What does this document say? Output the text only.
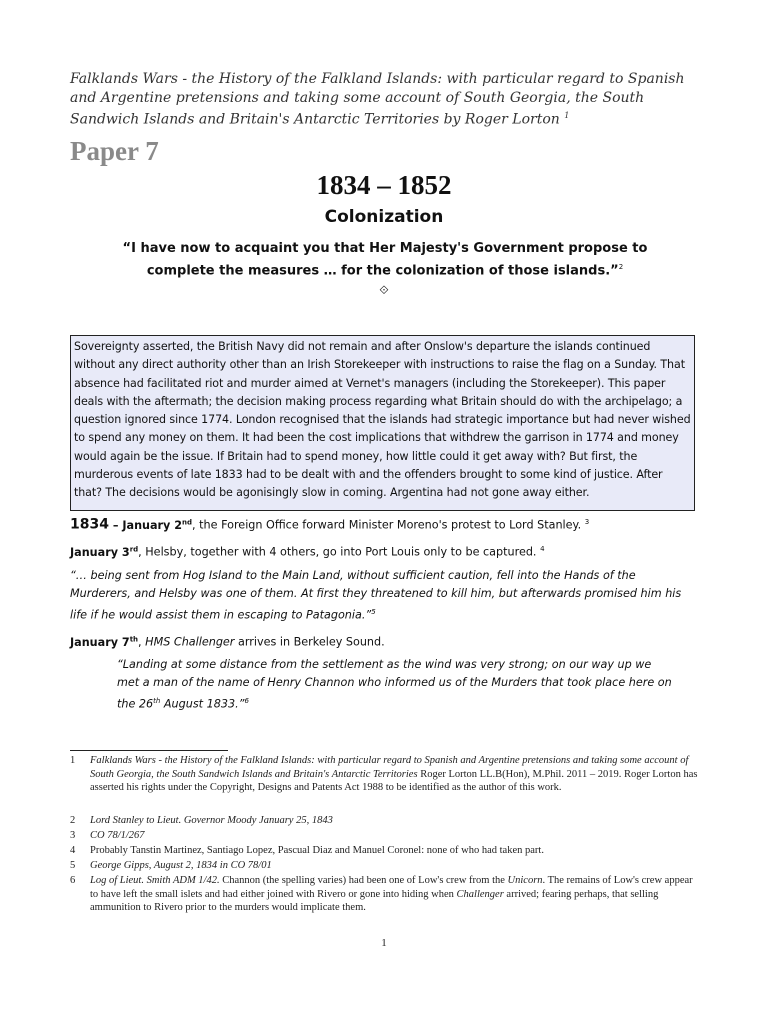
Falklands Wars - the History of the Falkland Islands: with particular regard to Spanish and Argentine pretensions and taking some account of South Georgia, the South Sandwich Islands and Britain's Antarctic Territories by Roger Lorton $^1$
Paper 7
1834 – 1852
Colonization
“I have now to acquaint you that Her Majesty's Government propose to complete the measures … for the colonization of those islands.”$^2$
⟐
Sovereignty asserted, the British Navy did not remain and after Onslow's departure the islands continued without any direct authority other than an Irish Storekeeper with instructions to raise the flag on a Sunday. That absence had facilitated riot and murder aimed at Vernet's managers (including the Storekeeper). This paper deals with the aftermath; the decision making process regarding what Britain should do with the archipelago; a question ignored since 1774. London recognised that the islands had strategic importance but had never wished to spend any money on them. It had been the cost implications that withdrew the garrison in 1774 and money would again be the issue. If Britain had to spend money, how little could it get away with? But first, the murderous events of late 1833 had to be dealt with and the offenders brought to some kind of justice. After that? The decisions would be agonisingly slow in coming. Argentina had not gone away either.
1834 – January 2nd, the Foreign Office forward Minister Moreno's protest to Lord Stanley. $^3$
January 3rd, Helsby, together with 4 others, go into Port Louis only to be captured. $^4$
“… being sent from Hog Island to the Main Land, without sufficient caution, fell into the Hands of the Murderers, and Helsby was one of them. At first they threatened to kill him, but afterwards promised him his life if he would assist them in escaping to Patagonia.”$^5$
January 7th, HMS Challenger arrives in Berkeley Sound.
“Landing at some distance from the settlement as the wind was very strong; on our way up we met a man of the name of Henry Channon who informed us of the Murders that took place here on the 26th August 1833.”$^6$
1	Falklands Wars - the History of the Falkland Islands: with particular regard to Spanish and Argentine pretensions and taking some account of South Georgia, the South Sandwich Islands and Britain's Antarctic Territories Roger Lorton LL.B(Hon), M.Phil. 2011 – 2019. Roger Lorton has asserted his rights under the Copyright, Designs and Patents Act 1988 to be identified as the author of this work.
2	Lord Stanley to Lieut. Governor Moody January 25, 1843
3	CO 78/1/267
4	Probably Tanstin Martinez, Santiago Lopez, Pascual Diaz and Manuel Coronel: none of who had taken part.
5	George Gipps, August 2, 1834 in CO 78/01
6	Log of Lieut. Smith ADM 1/42. Channon (the spelling varies) had been one of Low's crew from the Unicorn. The remains of Low's crew appear to have left the small islets and had either joined with Rivero or gone into hiding when Challenger arrived; fearing perhaps, that selling ammunition to Rivero prior to the murders would implicate them.
1
